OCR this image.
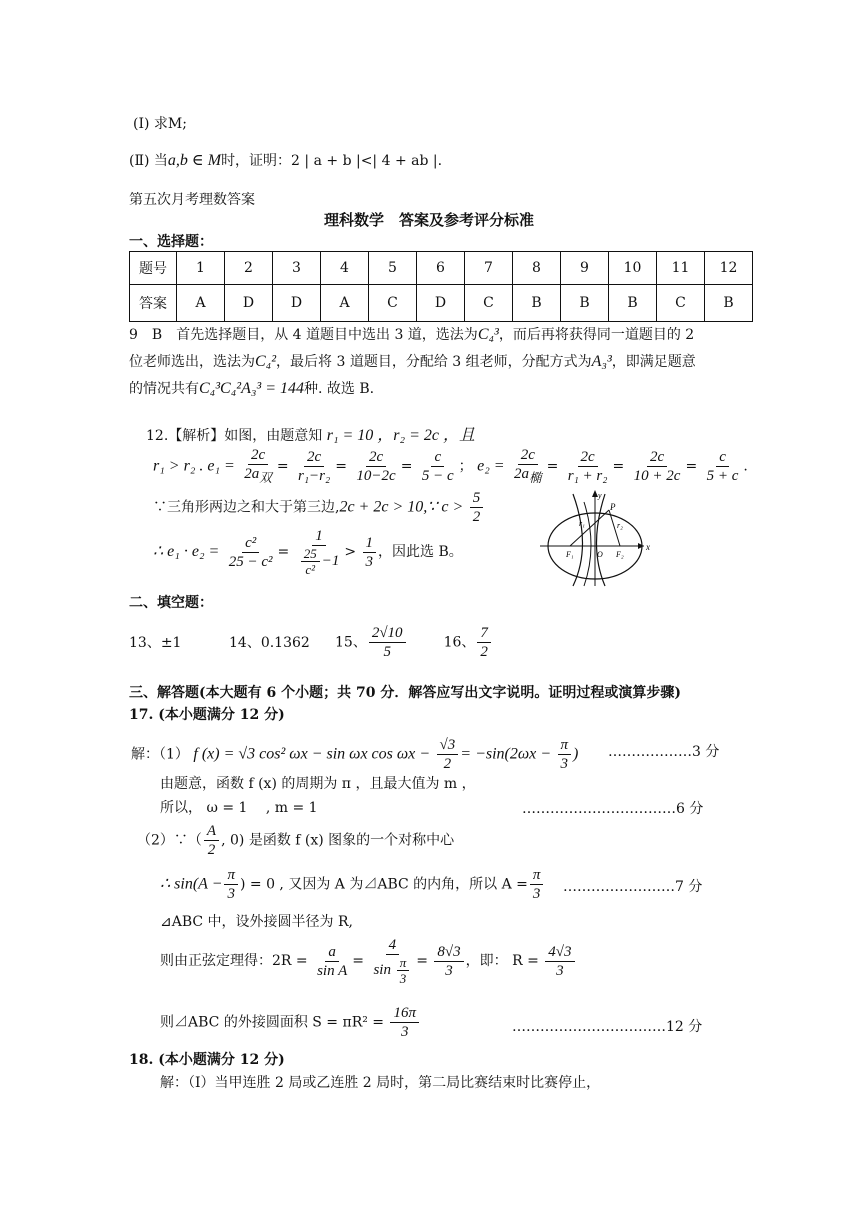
(Ⅰ) 求M;
(Ⅱ) 当a,b ∈ M时，证明：2 | a + b |<| 4 + ab |.
第五次月考理数答案
理科数学　答案及参考评分标准
一、选择题：
题号	1	2	3	4	5	6	7	8	9	10	11	12
答案	A	D	D	A	C	D	C	B	B	B	C	B
9　B　首先选择题目，从 4 道题目中选出 3 道，选法为C₄³，而后再将获得同一道题目的 2
位老师选出，选法为C₄²，最后将 3 道题目，分配给 3 组老师，分配方式为A₃³，即满足题意
的情况共有C₄³C₄²A₃³ = 144种. 故选 B.
12.【解析】如图，由题意知 r₁ = 10 ，r₂ = 2c ，且
r₁ > r₂ . $e_1 = \frac{2c}{2a_双} = \frac{2c}{\text{r₁−r₂}} = \frac{2c}{10-2c} = \frac{c}{5 - c}$ ； $e_2 = \frac{2c}{2a_椭} = \frac{2c}{\text{r₁ + r₂}} = \frac{2c}{10 + 2c} = \frac{c}{5 + c}$ .
∵三角形两边之和大于第三边,2c + 2c > 10,∵ $c > \frac{5}{2}$
∴ $e_1 \cdot e_2 = \frac{\text{c²}}{\text{25 − c²}} = \frac{1}{\frac{25}{\text{c²}} -1} > \frac{1}{3}$ ，因此选 B。
P
r₁	r₂
F₁	O F₂
x
y
二、填空题：
13、±1	14、0.1362 15、 $\frac{2√10}{5}$	16、 $\frac{7}{2}$
三、解答题(本大题有 6 个小题；共 70 分．解答应写出文字说明。证明过程或演算步骤)
17. (本小题满分 12 分)
解：（1） f (x) = √3 cos² ωx − sin ωx $\cos \omega x - \frac{√3}{2} = -\sin(2\omega x - \frac{\pi}{3}$ ) ………………3 分
由题意，函数 f (x) 的周期为 π ，且最大值为 m ，
所以， ω = 1 　, m = 1	……………………………6 分
（2）∵（ $\frac{A}{2}$ , 0) 是函数 f (x) 图象的一个对称中心
∴ $\sin(A - \frac{\pi}{3}$ ) = 0 , 又因为 A 为⊿ABC 的内角，所以 $A = \frac{\pi}{3}$ ……………………7 分
⊿ABC 中，设外接圆半径为 R,
则由正弦定理得：$2R = \frac{a}{\text{sin A}} = \frac{4}{\sin \frac{\pi}{3}} = \frac{8√3}{3}$ ，即： $R = \frac{4√3}{3}$
则⊿ABC 的外接圆面积 $S = \pi R^2 = \frac{16\pi}{3}$	……………………………12 分
18. (本小题满分 12 分)
解：（Ⅰ）当甲连胜 2 局或乙连胜 2 局时，第二局比赛结束时比赛停止，
